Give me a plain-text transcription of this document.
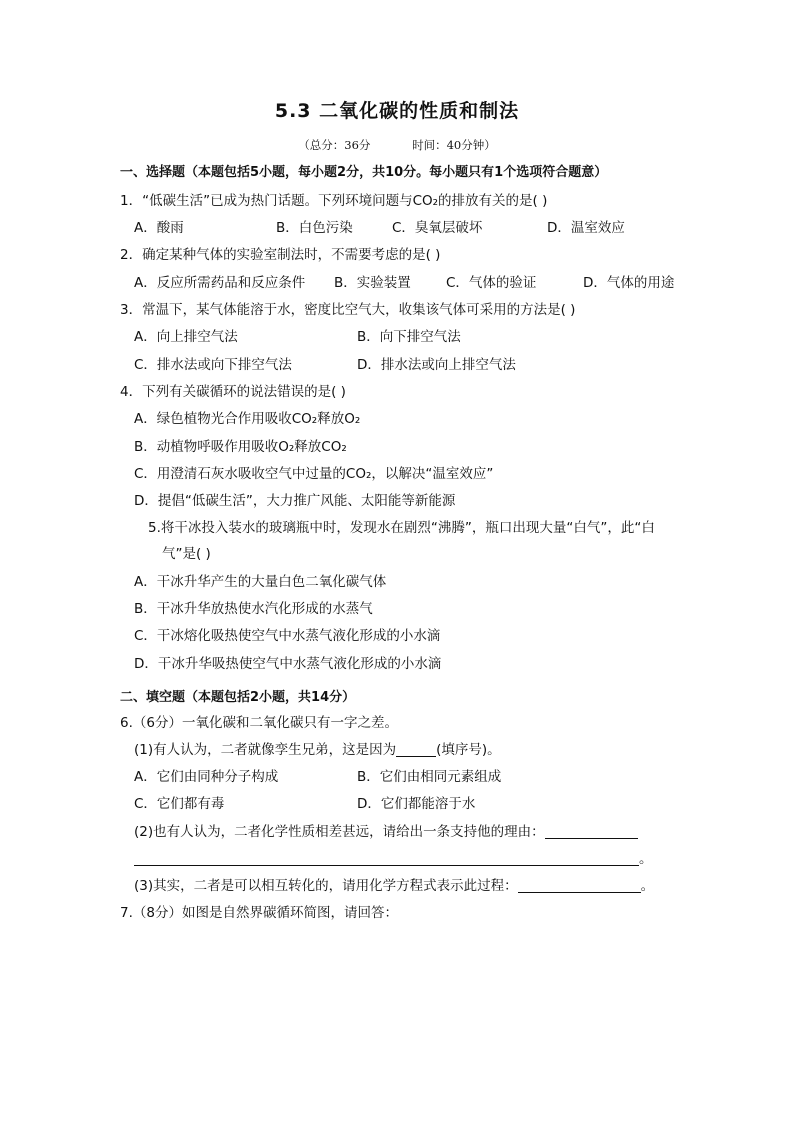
5.3 二氧化碳的性质和制法
（总分：36分	时间：40分钟）
一、选择题（本题包括5小题，每小题2分，共10分。每小题只有1个选项符合题意）
1．“低碳生活”已成为热门话题。下列环境问题与CO₂的排放有关的是( )
A．酸雨	B．白色污染	C．臭氧层破坏	D．温室效应
2．确定某种气体的实验室制法时，不需要考虑的是( )
A．反应所需药品和反应条件 B．实验装置	C．气体的验证	D．气体的用途
3．常温下，某气体能溶于水，密度比空气大，收集该气体可采用的方法是( )
A．向上排空气法	B．向下排空气法
C．排水法或向下排空气法	D．排水法或向上排空气法
4．下列有关碳循环的说法错误的是( )
A．绿色植物光合作用吸收CO₂释放O₂
B．动植物呼吸作用吸收O₂释放CO₂
C．用澄清石灰水吸收空气中过量的CO₂，以解决“温室效应”
D．提倡“低碳生活”，大力推广风能、太阳能等新能源
5.将干冰投入装水的玻璃瓶中时，发现水在剧烈“沸腾”，瓶口出现大量“白气”，此“白
气”是( )
A．干冰升华产生的大量白色二氧化碳气体
B．干冰升华放热使水汽化形成的水蒸气
C．干冰熔化吸热使空气中水蒸气液化形成的小水滴
D．干冰升华吸热使空气中水蒸气液化形成的小水滴
二、填空题（本题包括2小题，共14分）
6.（6分）一氧化碳和二氧化碳只有一字之差。
(1)有人认为，二者就像孪生兄弟，这是因为	(填序号)。
A．它们由同种分子构成	B．它们由相同元素组成
C．它们都有毒	D．它们都能溶于水
(2)也有人认为，二者化学性质相差甚远，请给出一条支持他的理由：
。
(3)其实，二者是可以相互转化的，请用化学方程式表示此过程：	。
7.（8分）如图是自然界碳循环简图，请回答：
